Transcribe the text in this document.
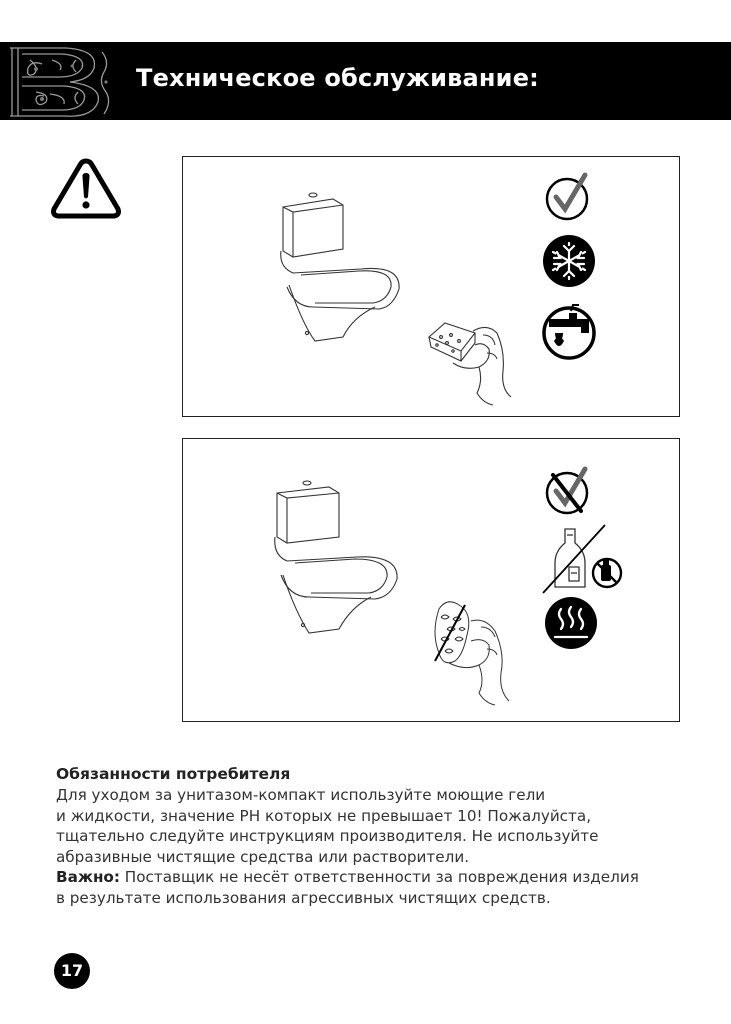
Техническое обслуживание:

Обязанности потребителя

Для уходом за унитазом-компакт используйте моющие гели
и жидкости, значение PH которых не превышает 10! Пожалуйста,
тщательно следуйте инструкциям производителя. Не используйте
абразивные чистящие средства или растворители.
Важно: Поставщик не несёт ответственности за повреждения изделия
в результате использования агрессивных чистящих средств.

17
